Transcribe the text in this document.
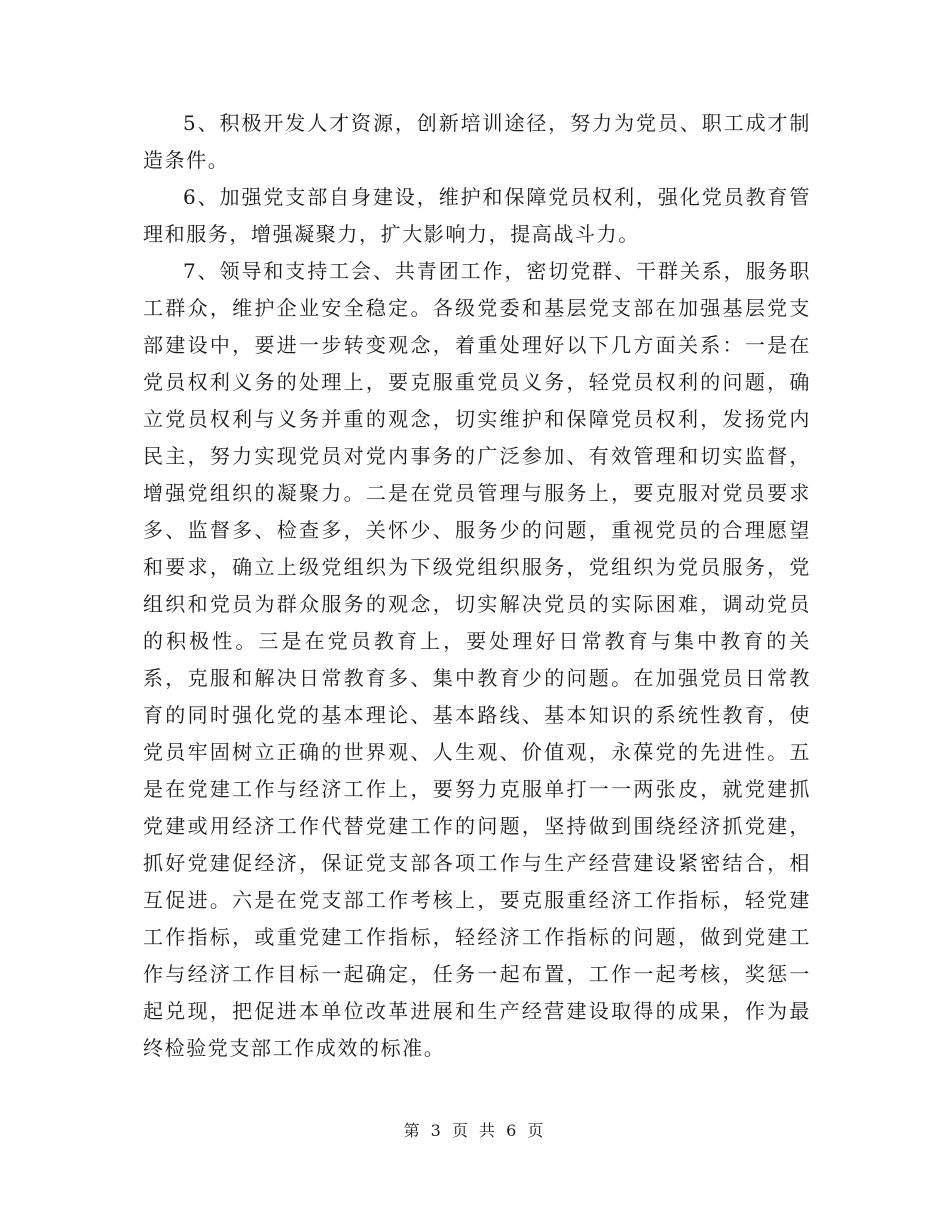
5、积极开发人才资源，创新培训途径，努力为党员、职工成才制造条件。

6、加强党支部自身建设，维护和保障党员权利，强化党员教育管理和服务，增强凝聚力，扩大影响力，提高战斗力。

7、领导和支持工会、共青团工作，密切党群、干群关系，服务职工群众，维护企业安全稳定。各级党委和基层党支部在加强基层党支部建设中，要进一步转变观念，着重处理好以下几方面关系：一是在党员权利义务的处理上，要克服重党员义务，轻党员权利的问题，确立党员权利与义务并重的观念，切实维护和保障党员权利，发扬党内民主，努力实现党员对党内事务的广泛参加、有效管理和切实监督，增强党组织的凝聚力。二是在党员管理与服务上，要克服对党员要求多、监督多、检查多，关怀少、服务少的问题，重视党员的合理愿望和要求，确立上级党组织为下级党组织服务，党组织为党员服务，党组织和党员为群众服务的观念，切实解决党员的实际困难，调动党员的积极性。三是在党员教育上，要处理好日常教育与集中教育的关系，克服和解决日常教育多、集中教育少的问题。在加强党员日常教育的同时强化党的基本理论、基本路线、基本知识的系统性教育，使党员牢固树立正确的世界观、人生观、价值观，永葆党的先进性。五是在党建工作与经济工作上，要努力克服单打一一两张皮，就党建抓党建或用经济工作代替党建工作的问题，坚持做到围绕经济抓党建，抓好党建促经济，保证党支部各项工作与生产经营建设紧密结合，相互促进。六是在党支部工作考核上，要克服重经济工作指标，轻党建工作指标，或重党建工作指标，轻经济工作指标的问题，做到党建工作与经济工作目标一起确定，任务一起布置，工作一起考核，奖惩一起兑现，把促进本单位改革进展和生产经营建设取得的成果，作为最终检验党支部工作成效的标准。

第 3 页 共 6 页
